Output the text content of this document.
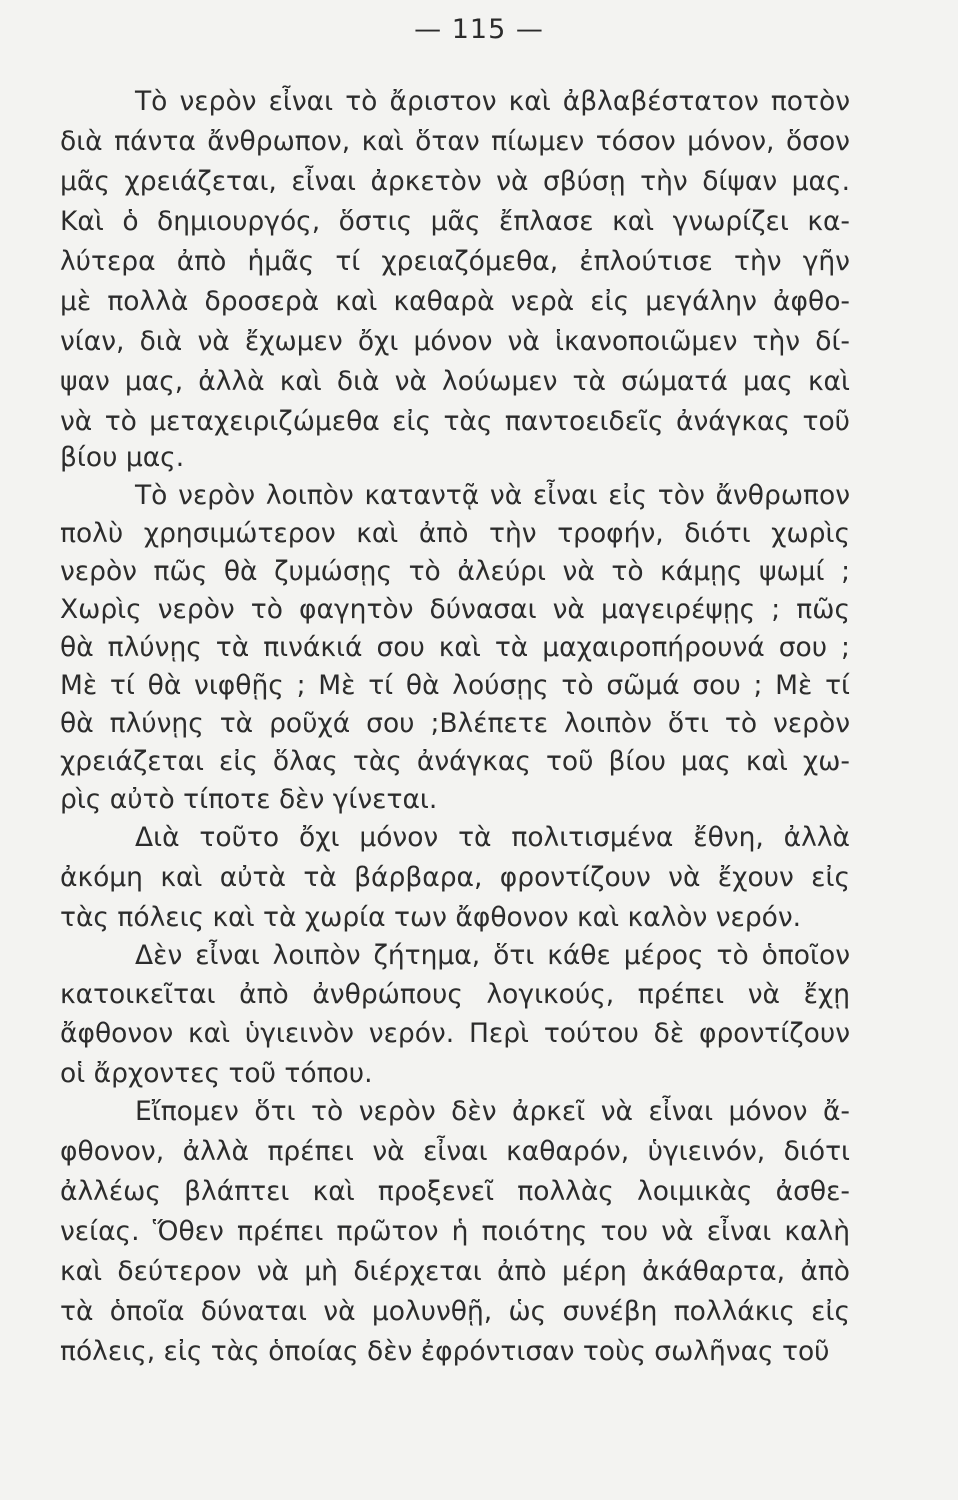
— 115 —
Τὸ νερὸν εἶναι τὸ ἄριστον καὶ ἀβλαβέστατον ποτὸν
διὰ πάντα ἄνθρωπον, καὶ ὅταν πίωμεν τόσον μόνον, ὅσον
μᾶς χρειάζεται, εἶναι ἀρκετὸν νὰ σβύσῃ τὴν δίψαν μας.
Καὶ ὁ δημιουργός, ὅστις μᾶς ἔπλασε καὶ γνωρίζει κα-
λύτερα ἀπὸ ἡμᾶς τί χρειαζόμεθα, ἐπλούτισε τὴν γῆν
μὲ πολλὰ δροσερὰ καὶ καθαρὰ νερὰ εἰς μεγάλην ἀφθο-
νίαν, διὰ νὰ ἔχωμεν ὄχι μόνον νὰ ἱκανοποιῶμεν τὴν δί-
ψαν μας, ἀλλὰ καὶ διὰ νὰ λούωμεν τὰ σώματά μας καὶ
νὰ τὸ μεταχειριζώμεθα εἰς τὰς παντοειδεῖς ἀνάγκας τοῦ
βίου μας.
Τὸ νερὸν λοιπὸν καταντᾷ νὰ εἶναι εἰς τὸν ἄνθρωπον
πολὺ χρησιμώτερον καὶ ἀπὸ τὴν τροφήν, διότι χωρὶς
νερὸν πῶς θὰ ζυμώσῃς τὸ ἀλεύρι νὰ τὸ κάμῃς ψωμί ;
Χωρὶς νερὸν τὸ φαγητὸν δύνασαι νὰ μαγειρέψῃς ; πῶς
θὰ πλύνῃς τὰ πινάκιά σου καὶ τὰ μαχαιροπήρουνά σου ;
Μὲ τί θὰ νιφθῇς ; Μὲ τί θὰ λούσῃς τὸ σῶμά σου ; Μὲ τί
θὰ πλύνῃς τὰ ροῦχά σου ;Βλέπετε λοιπὸν ὅτι τὸ νερὸν
χρειάζεται εἰς ὅλας τὰς ἀνάγκας τοῦ βίου μας καὶ χω-
ρὶς αὐτὸ τίποτε δὲν γίνεται.
Διὰ τοῦτο ὄχι μόνον τὰ πολιτισμένα ἔθνη, ἀλλὰ
ἀκόμη καὶ αὐτὰ τὰ βάρβαρα, φροντίζουν νὰ ἔχουν εἰς
τὰς πόλεις καὶ τὰ χωρία των ἄφθονον καὶ καλὸν νερόν.
Δὲν εἶναι λοιπὸν ζήτημα, ὅτι κάθε μέρος τὸ ὁποῖον
κατοικεῖται ἀπὸ ἀνθρώπους λογικούς, πρέπει νὰ ἔχῃ
ἄφθονον καὶ ὑγιεινὸν νερόν. Περὶ τούτου δὲ φροντίζουν
οἱ ἄρχοντες τοῦ τόπου.
Εἴπομεν ὅτι τὸ νερὸν δὲν ἀρκεῖ νὰ εἶναι μόνον ἄ-
φθονον, ἀλλὰ πρέπει νὰ εἶναι καθαρόν, ὑγιεινόν, διότι
ἀλλέως βλάπτει καὶ προξενεῖ πολλὰς λοιμικὰς ἀσθε-
νείας. Ὅθεν πρέπει πρῶτον ἡ ποιότης του νὰ εἶναι καλὴ
καὶ δεύτερον νὰ μὴ διέρχεται ἀπὸ μέρη ἀκάθαρτα, ἀπὸ
τὰ ὁποῖα δύναται νὰ μολυνθῇ, ὡς συνέβη πολλάκις εἰς
πόλεις, εἰς τὰς ὁποίας δὲν ἐφρόντισαν τοὺς σωλῆνας τοῦ
